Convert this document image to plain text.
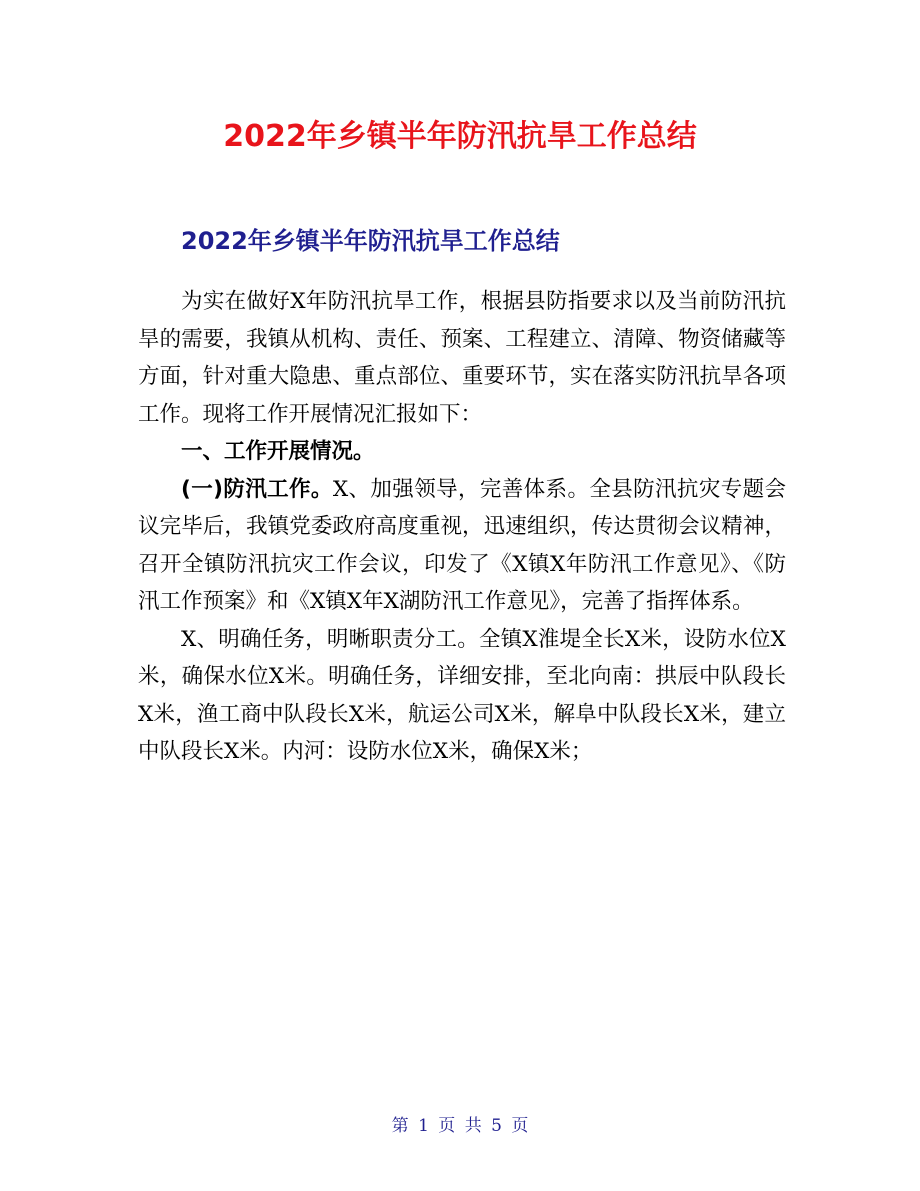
2022年乡镇半年防汛抗旱工作总结
2022年乡镇半年防汛抗旱工作总结

为实在做好X年防汛抗旱工作，根据县防指要求以及当前防汛抗旱的需要，我镇从机构、责任、预案、工程建立、清障、物资储藏等方面，针对重大隐患、重点部位、重要环节，实在落实防汛抗旱各项工作。现将工作开展情况汇报如下：

一、工作开展情况。

(一)防汛工作。X、加强领导，完善体系。全县防汛抗灾专题会议完毕后，我镇党委政府高度重视，迅速组织，传达贯彻会议精神，召开全镇防汛抗灾工作会议，印发了《X镇X年防汛工作意见》、《防汛工作预案》和《X镇X年X湖防汛工作意见》，完善了指挥体系。

X、明确任务，明晰职责分工。全镇X淮堤全长X米，设防水位X米，确保水位X米。明确任务，详细安排，至北向南：拱辰中队段长X米，渔工商中队段长X米，航运公司X米，解阜中队段长X米，建立中队段长X米。内河：设防水位X米，确保X米；

第 1 页 共 5 页
